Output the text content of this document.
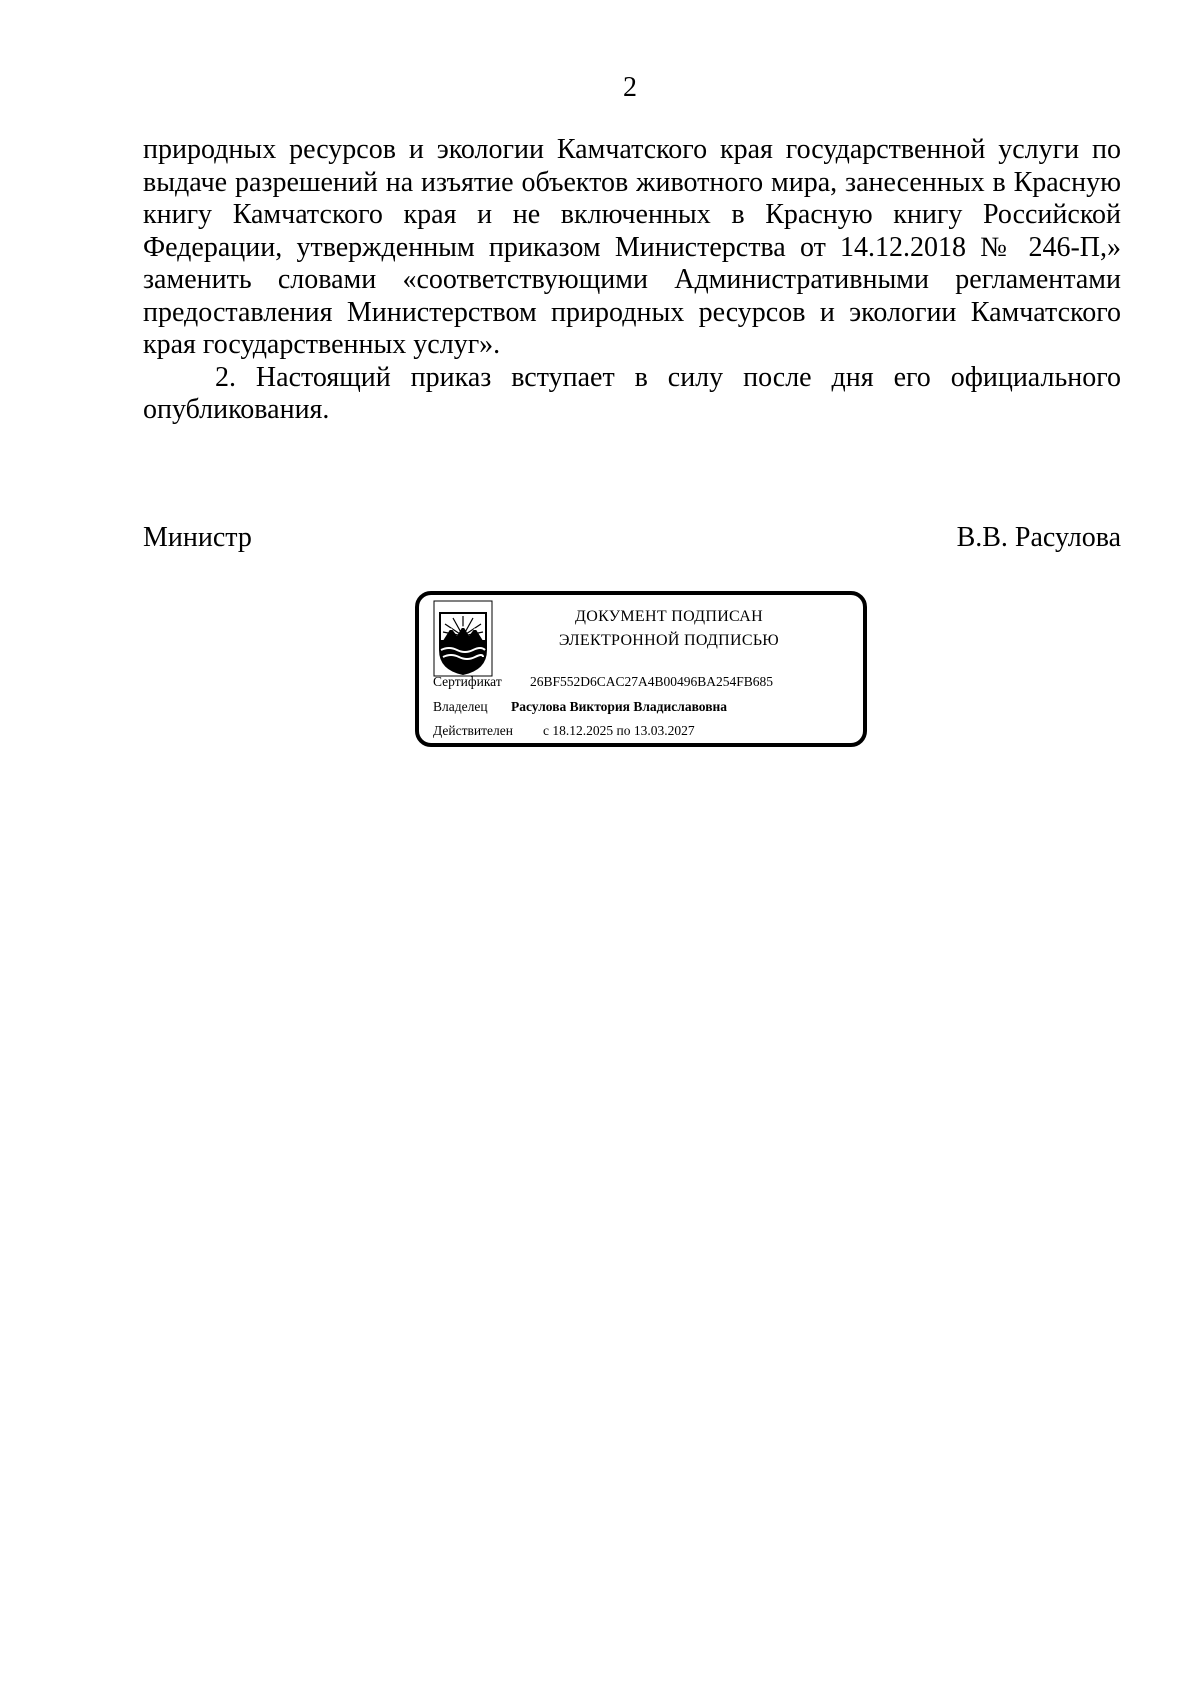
2

природных ресурсов и экологии Камчатского края государственной услуги по выдаче разрешений на изъятие объектов животного мира, занесенных в Красную книгу Камчатского края и не включенных в Красную книгу Российской Федерации, утвержденным приказом Министерства от 14.12.2018 № 246-П,» заменить словами «соответствующими Административными регламентами предоставления Министерством природных ресурсов и экологии Камчатского края государственных услуг».

2. Настоящий приказ вступает в силу после дня его официального опубликования.

Министр	В.В. Расулова
ДОКУМЕНТ ПОДПИСАН
ЭЛЕКТРОННОЙ ПОДПИСЬЮ
Сертификат 26BF552D6CAC27A4B00496BA254FB685
Владелец Расулова Виктория Владиславовна
Действителен с 18.12.2025 по 13.03.2027
